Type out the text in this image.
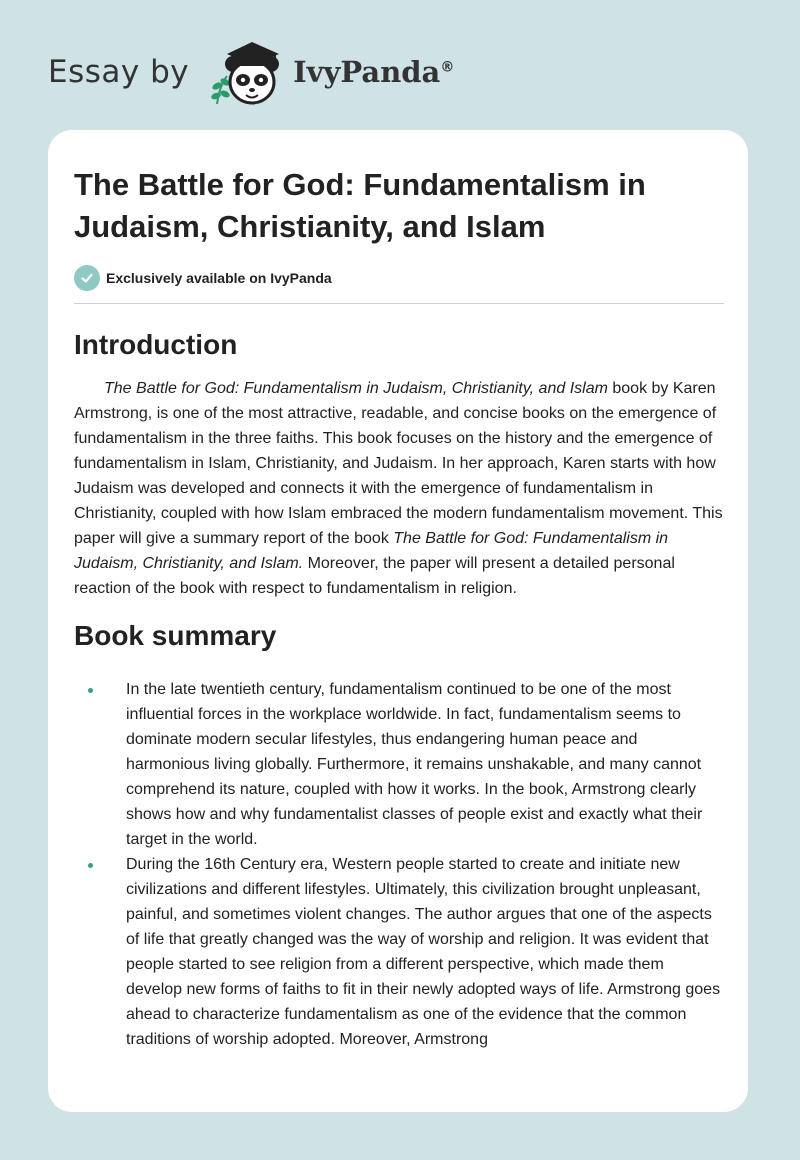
Essay by	IvyPanda®
The Battle for God: Fundamentalism in Judaism, Christianity, and Islam
Exclusively available on IvyPanda
Introduction

The Battle for God: Fundamentalism in Judaism, Christianity, and Islam book by Karen Armstrong, is one of the most attractive, readable, and concise books on the emergence of fundamentalism in the three faiths. This book focuses on the history and the emergence of fundamentalism in Islam, Christianity, and Judaism. In her approach, Karen starts with how Judaism was developed and connects it with the emergence of fundamentalism in Christianity, coupled with how Islam embraced the modern fundamentalism movement. This paper will give a summary report of the book The Battle for God: Fundamentalism in Judaism, Christianity, and Islam. Moreover, the paper will present a detailed personal reaction of the book with respect to fundamentalism in religion.

Book summary
In the late twentieth century, fundamentalism continued to be one of the most influential forces in the workplace worldwide. In fact, fundamentalism seems to dominate modern secular lifestyles, thus endangering human peace and harmonious living globally. Furthermore, it remains unshakable, and many cannot comprehend its nature, coupled with how it works. In the book, Armstrong clearly shows how and why fundamentalist classes of people exist and exactly what their target in the world.
During the 16th Century era, Western people started to create and initiate new civilizations and different lifestyles. Ultimately, this civilization brought unpleasant, painful, and sometimes violent changes. The author argues that one of the aspects of life that greatly changed was the way of worship and religion. It was evident that people started to see religion from a different perspective, which made them develop new forms of faiths to fit in their newly adopted ways of life. Armstrong goes ahead to characterize fundamentalism as one of the evidence that the common traditions of worship adopted. Moreover, Armstrong
